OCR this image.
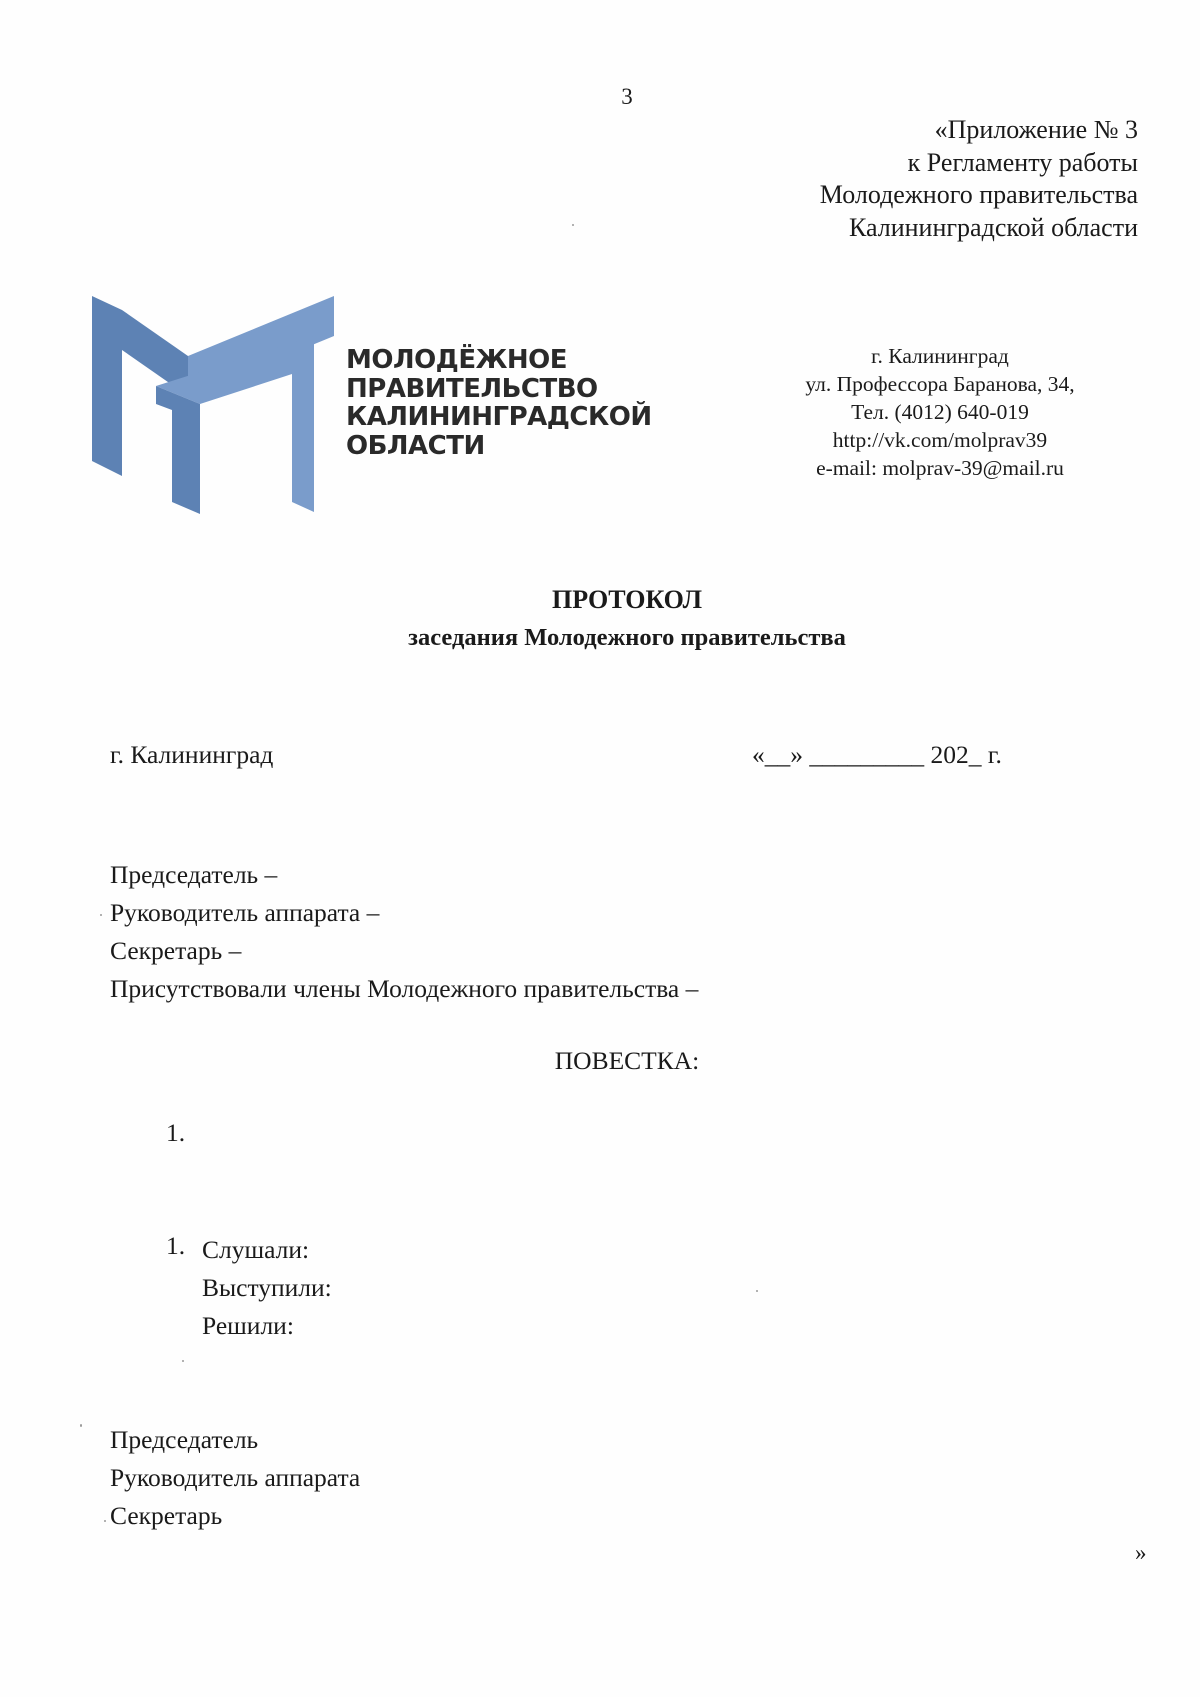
3
«Приложение № 3
к Регламенту работы
Молодежного правительства
Калининградской области
МОЛОДЁЖНОЕ
ПРАВИТЕЛЬСТВО
КАЛИНИНГРАДСКОЙ
ОБЛАСТИ
г. Калининград
ул. Профессора Баранова, 34,
Тел. (4012) 640-019
http://vk.com/molprav39
e-mail: molprav-39@mail.ru
ПРОТОКОЛ
заседания Молодежного правительства
г. Калининград	«__» _________ 202_ г.
Председатель –
Руководитель аппарата –
Секретарь –
Присутствовали члены Молодежного правительства –
ПОВЕСТКА:
1.
1. Слушали:
Выступили:
Решили:
Председатель
Руководитель аппарата
Секретарь
»
